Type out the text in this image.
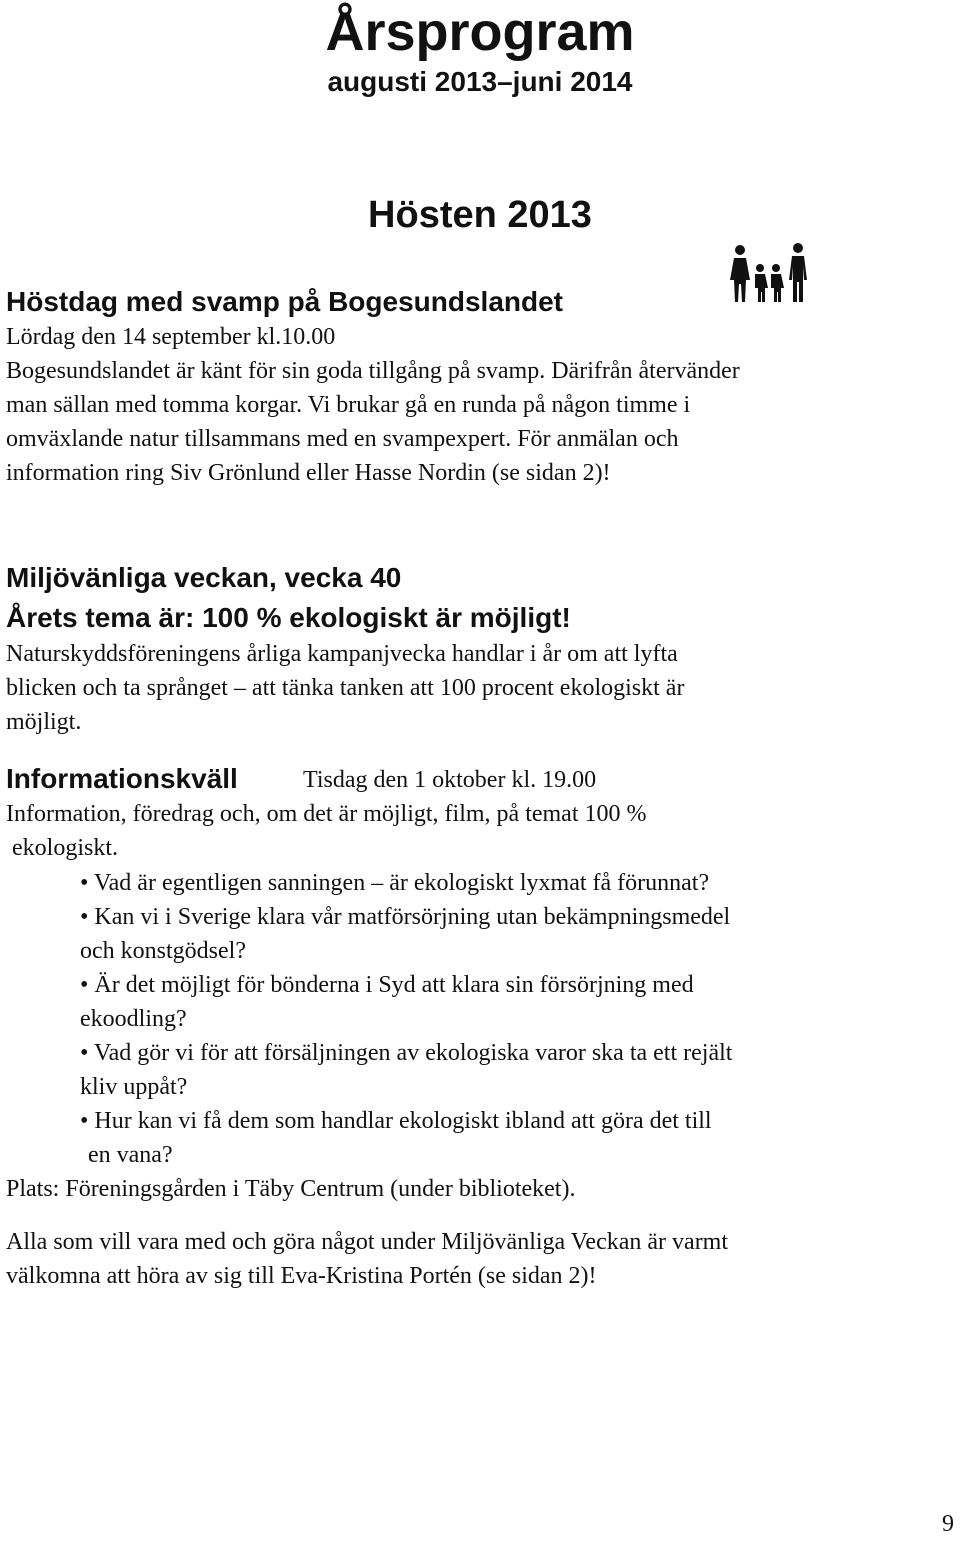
Årsprogram
augusti 2013–juni 2014
Hösten 2013
Höstdag med svamp på Bogesundslandet
Lördag den 14 september kl.10.00
Bogesundslandet är känt för sin goda tillgång på svamp. Därifrån återvänder
man sällan med tomma korgar. Vi brukar gå en runda på någon timme i
omväxlande natur tillsammans med en svampexpert. För anmälan och
information ring Siv Grönlund eller Hasse Nordin (se sidan 2)!
Miljövänliga veckan, vecka 40
Årets tema är: 100 % ekologiskt är möjligt!
Naturskyddsföreningens årliga kampanjvecka handlar i år om att lyfta
blicken och ta språnget – att tänka tanken att 100 procent ekologiskt är
möjligt.
Informationskväll	Tisdag den 1 oktober kl. 19.00
Information, föredrag och, om det är möjligt, film, på temat 100 %
ekologiskt.
• Vad är egentligen sanningen – är ekologiskt lyxmat få förunnat?
• Kan vi i Sverige klara vår matförsörjning utan bekämpningsmedel
och konstgödsel?
• Är det möjligt för bönderna i Syd att klara sin försörjning med
ekoodling?
• Vad gör vi för att försäljningen av ekologiska varor ska ta ett rejält
kliv uppåt?
• Hur kan vi få dem som handlar ekologiskt ibland att göra det till
en vana?
Plats: Föreningsgården i Täby Centrum (under biblioteket).
Alla som vill vara med och göra något under Miljövänliga Veckan är varmt
välkomna att höra av sig till Eva-Kristina Portén (se sidan 2)!
9
